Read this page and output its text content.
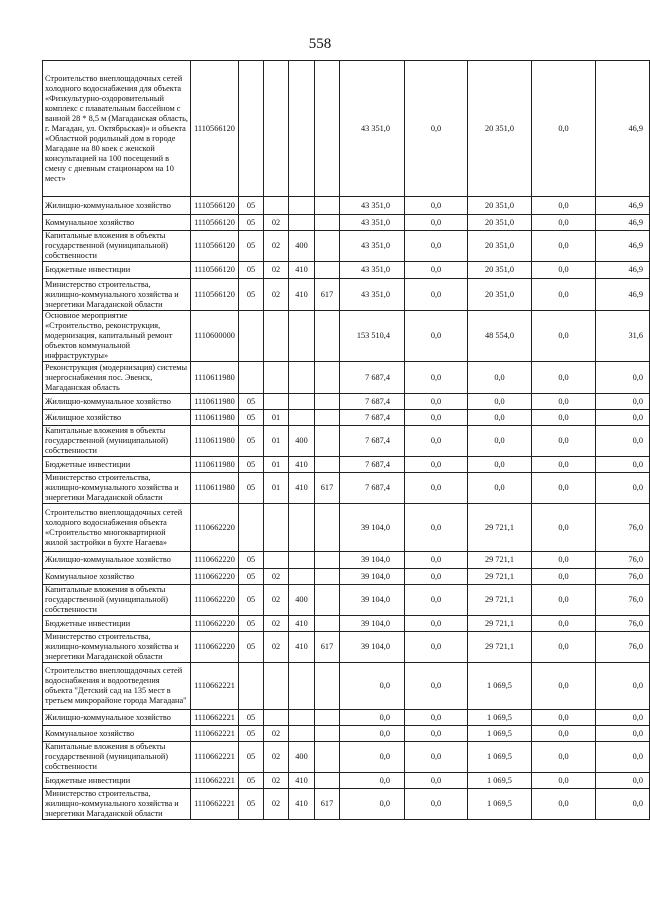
558
Строительство внеплощадочных сетей холодного водоснабжения для объекта «Физкультурно-оздоровительный комплекс с плавательным бассейном с ванной 28 * 8,5 м (Магаданская область, г. Магадан, ул. Октябрьская)» и объекта «Областной родильный дом в городе Магадане на 80 коек с женской консультацией на 100 посещений в смену с дневным стационаром на 10 мест»	1110566120					43 351,0	0,0	20 351,0	0,0	46,9
Жилищно-коммунальное хозяйство	1110566120	05				43 351,0	0,0	20 351,0	0,0	46,9
Коммунальное хозяйство	1110566120	05	02			43 351,0	0,0	20 351,0	0,0	46,9
Капитальные вложения в объекты государственной (муниципальной) собственности	1110566120	05	02	400		43 351,0	0,0	20 351,0	0,0	46,9
Бюджетные инвестиции	1110566120	05	02	410		43 351,0	0,0	20 351,0	0,0	46,9
Министерство строительства, жилищно-коммунального хозяйства и энергетики Магаданской области	1110566120	05	02	410	617	43 351,0	0,0	20 351,0	0,0	46,9
Основное мероприятие «Строительство, реконструкция, модернизация, капитальный ремонт объектов коммунальной инфраструктуры»	1110600000					153 510,4	0,0	48 554,0	0,0	31,6
Реконструкция (модернизация) системы энергоснабжения пос. Эвенск, Магаданская область	1110611980					7 687,4	0,0	0,0	0,0	0,0
Жилищно-коммунальное хозяйство	1110611980	05				7 687,4	0,0	0,0	0,0	0,0
Жилищное хозяйство	1110611980	05	01			7 687,4	0,0	0,0	0,0	0,0
Капитальные вложения в объекты государственной (муниципальной) собственности	1110611980	05	01	400		7 687,4	0,0	0,0	0,0	0,0
Бюджетные инвестиции	1110611980	05	01	410		7 687,4	0,0	0,0	0,0	0,0
Министерство строительства, жилищно-коммунального хозяйства и энергетики Магаданской области	1110611980	05	01	410	617	7 687,4	0,0	0,0	0,0	0,0
Строительство внеплощадочных сетей холодного водоснабжения объекта «Строительство многоквартирной жилой застройки в бухте Нагаева»	1110662220					39 104,0	0,0	29 721,1	0,0	76,0
Жилищно-коммунальное хозяйство	1110662220	05				39 104,0	0,0	29 721,1	0,0	76,0
Коммунальное хозяйство	1110662220	05	02			39 104,0	0,0	29 721,1	0,0	76,0
Капитальные вложения в объекты государственной (муниципальной) собственности	1110662220	05	02	400		39 104,0	0,0	29 721,1	0,0	76,0
Бюджетные инвестиции	1110662220	05	02	410		39 104,0	0,0	29 721,1	0,0	76,0
Министерство строительства, жилищно-коммунального хозяйства и энергетики Магаданской области	1110662220	05	02	410	617	39 104,0	0,0	29 721,1	0,0	76,0
Строительство внеплощадочных сетей водоснабжения и водоотведения объекта "Детский сад на 135 мест в третьем микрорайоне города Магадана"	1110662221					0,0	0,0	1 069,5	0,0	0,0
Жилищно-коммунальное хозяйство	1110662221	05				0,0	0,0	1 069,5	0,0	0,0
Коммунальное хозяйство	1110662221	05	02			0,0	0,0	1 069,5	0,0	0,0
Капитальные вложения в объекты государственной (муниципальной) собственности	1110662221	05	02	400		0,0	0,0	1 069,5	0,0	0,0
Бюджетные инвестиции	1110662221	05	02	410		0,0	0,0	1 069,5	0,0	0,0
Министерство строительства, жилищно-коммунального хозяйства и энергетики Магаданской области	1110662221	05	02	410	617	0,0	0,0	1 069,5	0,0	0,0
